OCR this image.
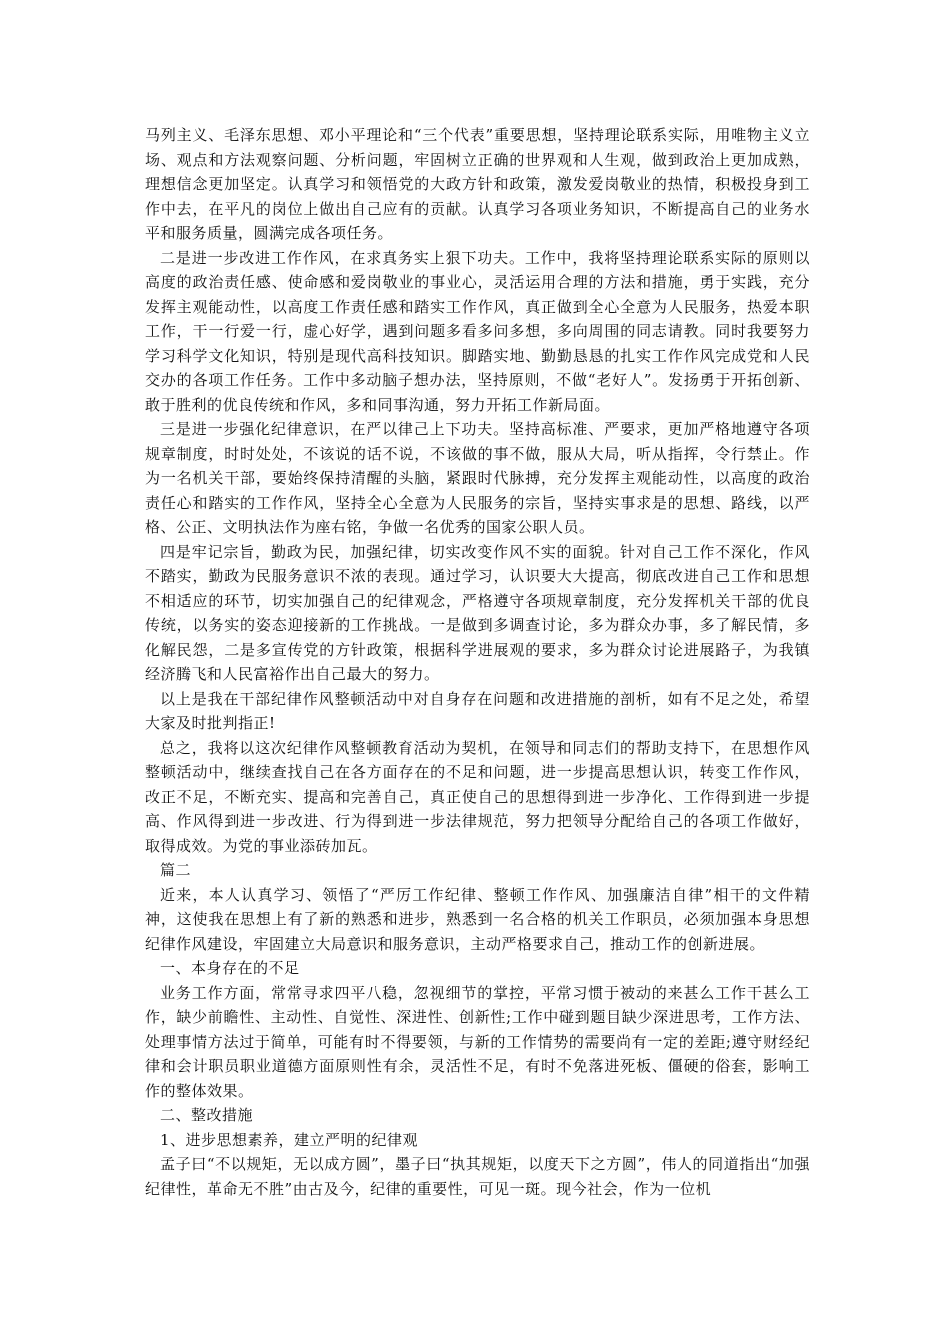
马列主义、毛泽东思想、邓小平理论和“三个代表”重要思想，坚持理论联系实际，用唯物主义立场、观点和方法观察问题、分析问题，牢固树立正确的世界观和人生观，做到政治上更加成熟，理想信念更加坚定。认真学习和领悟党的大政方针和政策，激发爱岗敬业的热情，积极投身到工作中去，在平凡的岗位上做出自己应有的贡献。认真学习各项业务知识，不断提高自己的业务水平和服务质量，圆满完成各项任务。

二是进一步改进工作作风，在求真务实上狠下功夫。工作中，我将坚持理论联系实际的原则以高度的政治责任感、使命感和爱岗敬业的事业心，灵活运用合理的方法和措施，勇于实践，充分发挥主观能动性，以高度工作责任感和踏实工作作风，真正做到全心全意为人民服务，热爱本职工作，干一行爱一行，虚心好学，遇到问题多看多问多想，多向周围的同志请教。同时我要努力学习科学文化知识，特别是现代高科技知识。脚踏实地、勤勤恳恳的扎实工作作风完成党和人民交办的各项工作任务。工作中多动脑子想办法，坚持原则，不做“老好人”。发扬勇于开拓创新、敢于胜利的优良传统和作风，多和同事沟通，努力开拓工作新局面。

三是进一步强化纪律意识，在严以律己上下功夫。坚持高标准、严要求，更加严格地遵守各项规章制度，时时处处，不该说的话不说，不该做的事不做，服从大局，听从指挥，令行禁止。作为一名机关干部，要始终保持清醒的头脑，紧跟时代脉搏，充分发挥主观能动性，以高度的政治责任心和踏实的工作作风，坚持全心全意为人民服务的宗旨，坚持实事求是的思想、路线，以严格、公正、文明执法作为座右铭，争做一名优秀的国家公职人员。

四是牢记宗旨，勤政为民，加强纪律，切实改变作风不实的面貌。针对自己工作不深化，作风不踏实，勤政为民服务意识不浓的表现。通过学习，认识要大大提高，彻底改进自己工作和思想不相适应的环节，切实加强自己的纪律观念，严格遵守各项规章制度，充分发挥机关干部的优良传统，以务实的姿态迎接新的工作挑战。一是做到多调查讨论，多为群众办事，多了解民情，多化解民怨，二是多宣传党的方针政策，根据科学进展观的要求，多为群众讨论进展路子，为我镇经济腾飞和人民富裕作出自己最大的努力。

以上是我在干部纪律作风整顿活动中对自身存在问题和改进措施的剖析，如有不足之处，希望大家及时批判指正!

总之，我将以这次纪律作风整顿教育活动为契机，在领导和同志们的帮助支持下，在思想作风整顿活动中，继续查找自己在各方面存在的不足和问题，进一步提高思想认识，转变工作作风，改正不足，不断充实、提高和完善自己，真正使自己的思想得到进一步净化、工作得到进一步提高、作风得到进一步改进、行为得到进一步法律规范，努力把领导分配给自己的各项工作做好，取得成效。为党的事业添砖加瓦。

篇二

近来，本人认真学习、领悟了“严厉工作纪律、整顿工作作风、加强廉洁自律”相干的文件精神，这使我在思想上有了新的熟悉和进步，熟悉到一名合格的机关工作职员，必须加强本身思想纪律作风建设，牢固建立大局意识和服务意识，主动严格要求自己，推动工作的创新进展。

一、本身存在的不足

业务工作方面，常常寻求四平八稳，忽视细节的掌控，平常习惯于被动的来甚么工作干甚么工作，缺少前瞻性、主动性、自觉性、深进性、创新性;工作中碰到题目缺少深进思考，工作方法、处理事情方法过于简单，可能有时不得要领，与新的工作情势的需要尚有一定的差距;遵守财经纪律和会计职员职业道德方面原则性有余，灵活性不足，有时不免落进死板、僵硬的俗套，影响工作的整体效果。

二、整改措施

1、进步思想素养，建立严明的纪律观

孟子曰“不以规矩，无以成方圆”，墨子曰“执其规矩，以度天下之方圆”，伟人的同道指出“加强纪律性，革命无不胜”由古及今，纪律的重要性，可见一斑。现今社会，作为一位机
